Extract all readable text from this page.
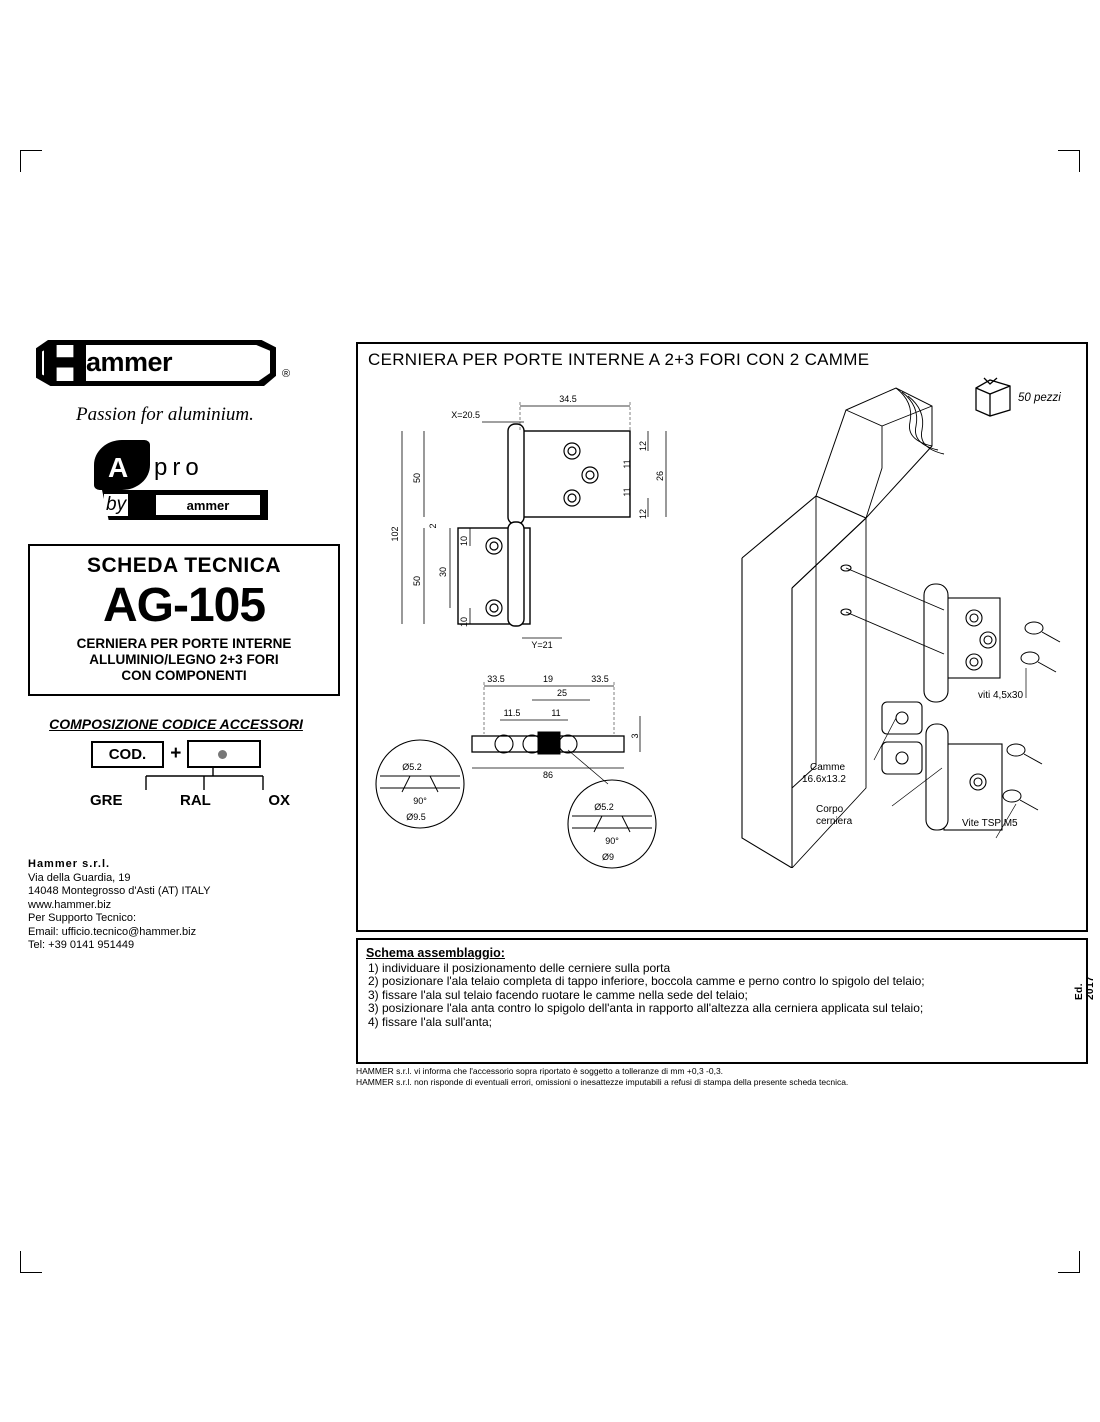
ammer	®
Passion for aluminium.
A pro
by	ammer
SCHEDA TECNICA
AG-105
CERNIERA PER PORTE INTERNE
ALLUMINIO/LEGNO 2+3 FORI
CON COMPONENTI
COMPOSIZIONE CODICE ACCESSORI
COD.	+
GRE	RAL	OX
Hammer s.r.l.
Via della Guardia, 19
14048 Montegrosso d'Asti (AT) ITALY
www.hammer.biz
Per Supporto Tecnico:
Email: ufficio.tecnico@hammer.biz
Tel: +39 0141 951449
CERNIERA PER PORTE INTERNE A 2+3 FORI CON 2 CAMME
50 pezzi
34.5
X=20.5
102
50
50
30
10
10
2
26
12
12
11
11
Y=21
33.5	19	33.5
25
11.5	11
86
3
Ø5.2
90°
Ø9.5
Ø5.2
90°
Ø9
viti 4,5x30
Camme
16.6x13.2
Corpo
cerniera	Vite TSP M5
Schema assemblaggio:
1) individuare il posizionamento delle cerniere sulla porta
2) posizionare l'ala telaio completa di tappo inferiore, boccola camme e perno contro lo spigolo del telaio;
3) fissare l'ala sul telaio facendo ruotare le camme nella sede del telaio;
3) posizionare l'ala anta contro lo spigolo dell'anta in rapporto all'altezza alla cerniera applicata sul telaio;
4) fissare l'ala sull'anta;
HAMMER s.r.l. vi informa che l'accessorio sopra riportato è soggetto a tolleranze di mm +0,3 -0,3.
HAMMER s.r.l. non risponde di eventuali errori, omissioni o inesattezze imputabili a refusi di stampa della presente scheda tecnica.
Ed. 2017
